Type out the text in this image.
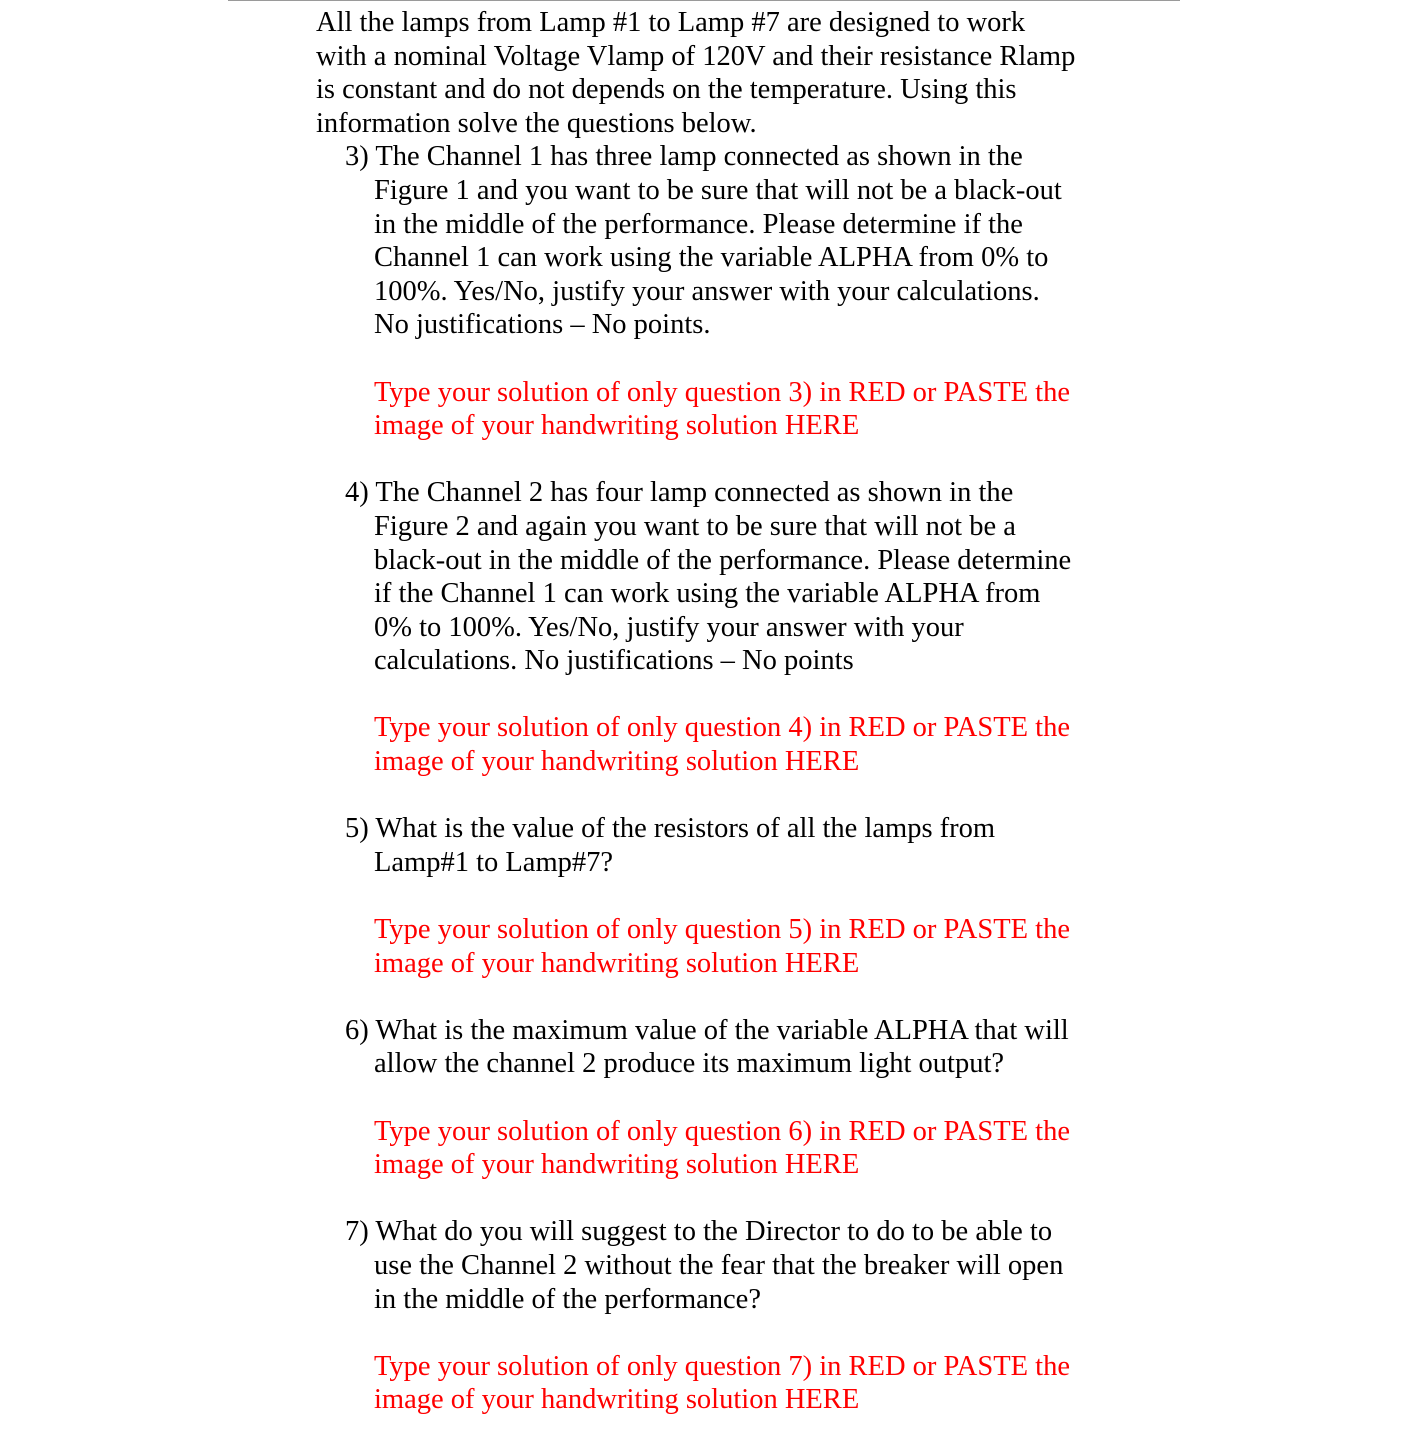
All the lamps from Lamp #1 to Lamp #7 are designed to work with a nominal Voltage Vlamp of 120V and their resistance Rlamp is constant and do not depends on the temperature. Using this information solve the questions below.

3) The Channel 1 has three lamp connected as shown in the Figure 1 and you want to be sure that will not be a black-out in the middle of the performance. Please determine if the Channel 1 can work using the variable ALPHA from 0% to 100%. Yes/No, justify your answer with your calculations. No justifications – No points.

Type your solution of only question 3) in RED or PASTE the image of your handwriting solution HERE

4) The Channel 2 has four lamp connected as shown in the Figure 2 and again you want to be sure that will not be a black-out in the middle of the performance. Please determine if the Channel 1 can work using the variable ALPHA from 0% to 100%. Yes/No, justify your answer with your calculations. No justifications – No points

Type your solution of only question 4) in RED or PASTE the image of your handwriting solution HERE

5) What is the value of the resistors of all the lamps from Lamp#1 to Lamp#7?

Type your solution of only question 5) in RED or PASTE the image of your handwriting solution HERE

6) What is the maximum value of the variable ALPHA that will allow the channel 2 produce its maximum light output?

Type your solution of only question 6) in RED or PASTE the image of your handwriting solution HERE

7) What do you will suggest to the Director to do to be able to use the Channel 2 without the fear that the breaker will open in the middle of the performance?

Type your solution of only question 7) in RED or PASTE the image of your handwriting solution HERE
